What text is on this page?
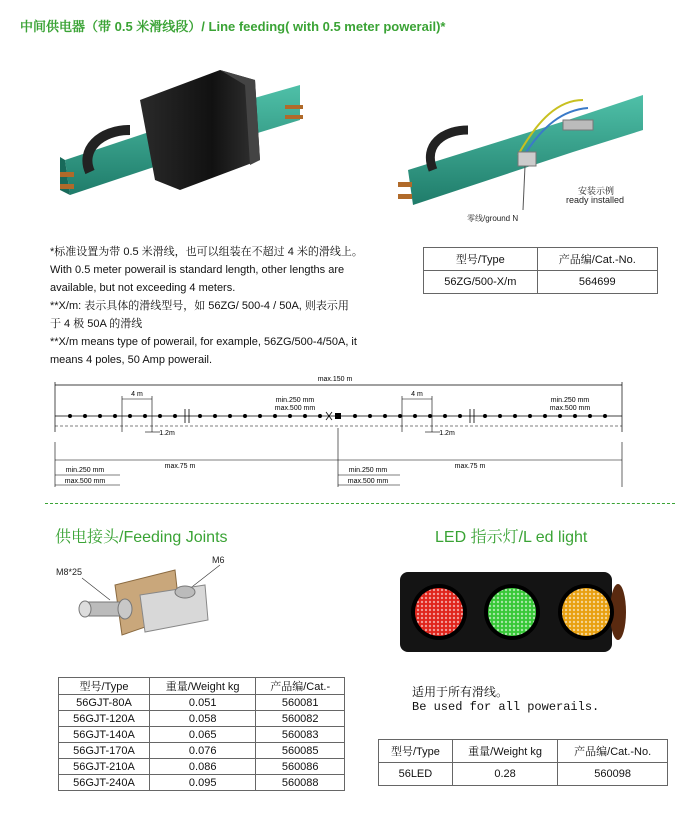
中间供电器（带 0.5 米滑线段）/ Line feeding( with 0.5 meter powerail)*
零线/ground N
安装示例
ready installed
*标准设置为带 0.5 米滑线，也可以组装在不超过 4 米的滑线上。
With 0.5 meter powerail is standard length, other lengths are
available, but not exceeding 4 meters.
**X/m: 表示具体的滑线型号，如 56ZG/ 500-4 / 50A, 则表示用
于 4 极 50A 的滑线
**X/m means type of powerail, for example, 56ZG/500-4/50A, it
means 4 poles, 50 Amp powerail.
型号/Type	产品编/Cat.-No.
56ZG/500-X/m	564699
max.150 m
4 m	4 m
min.250 mm
max.500 mm
min.250 mm
max.500 mm
1.2m	1.2m
max.75 m	max.75 m
min.250 mm
max.500 mm
min.250 mm
max.500 mm
供电接头/Feeding Joints
M8*25
M6
型号/Type	重量/Weight kg	产品编/Cat.-
56GJT-80A	0.051	560081
56GJT-120A	0.058	560082
56GJT-140A	0.065	560083
56GJT-170A	0.076	560085
56GJT-210A	0.086	560086
56GJT-240A	0.095	560088
LED 指示灯/L ed light
适用于所有滑线。
Be used for all powerails.
型号/Type	重量/Weight kg	产品编/Cat.-No.
56LED	0.28	560098
